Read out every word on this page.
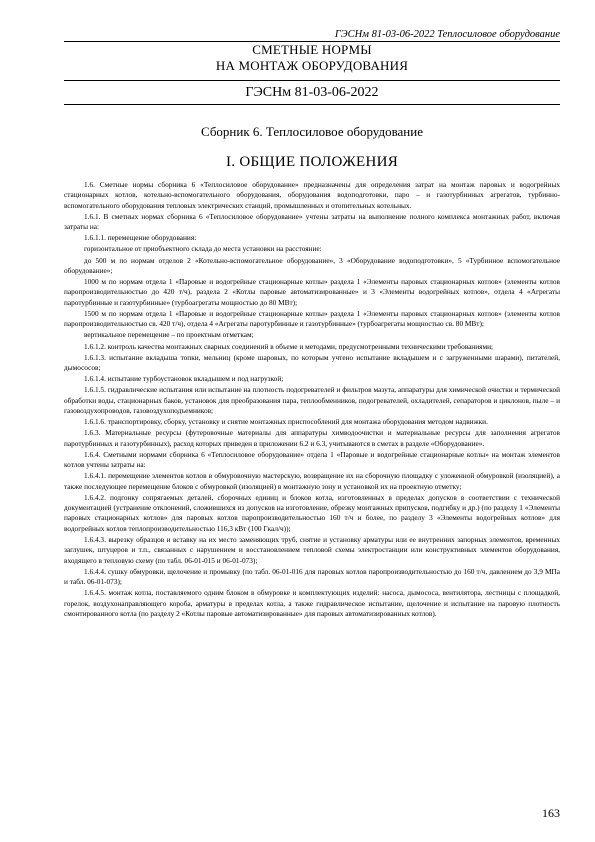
ГЭСНм 81-03-06-2022 Теплосиловое оборудование
СМЕТНЫЕ НОРМЫ
НА МОНТАЖ ОБОРУДОВАНИЯ
ГЭСНм 81-03-06-2022
Сборник 6. Теплосиловое оборудование
I. ОБЩИЕ ПОЛОЖЕНИЯ

1.6. Сметные нормы сборника 6 «Теплосиловое оборудование» предназначены для определения затрат на монтаж паровых и водогрейных стационарных котлов, котельно-вспомогательного оборудования, оборудования водоподготовки, паро – и газотурбинных агрегатов, турбинно-вспомогательного оборудования тепловых электрических станций, промышленных и отопительных котельных.

1.6.1. В сметных нормах сборника 6 «Теплосиловое оборудование» учтены затраты на выполнение полного комплекса монтажных работ, включая затраты на:

1.6.1.1. перемещение оборудования:

горизонтальное от приобъектного склада до места установки на расстояние:

до 500 м по нормам отделов 2 «Котельно-вспомогательное оборудование», 3 «Оборудование водоподготовки», 5 «Турбинное вспомогательное оборудование»;

1000 м по нормам отдела 1 «Паровые и водогрейные стационарные котлы» раздела 1 «Элементы паровых стационарных котлов» (элементы котлов паропроизводительностью до 420 т/ч), раздела 2 «Котлы паровые автоматизированные» и 3 «Элементы водогрейных котлов», отдела 4 «Агрегаты паротурбинные и газотурбинные» (турбоагрегаты мощностью до 80 МВт);

1500 м по нормам отдела 1 «Паровые и водогрейные стационарные котлы» раздела 1 «Элементы паровых стационарных котлов» (элементы котлов паропроизводительностью св. 420 т/ч), отдела 4 «Агрегаты паротурбинные и газотурбинные» (турбоагрегаты мощностью св. 80 МВт);

вертикальное перемещение – по проектным отметкам;

1.6.1.2. контроль качества монтажных сварных соединений в объеме и методами, предусмотренными техническими требованиями;

1.6.1.3. испытание вкладыша топки, мельниц (кроме шаровых, по которым учтено испытание вкладышем и с загруженными шарами), питателей, дымососов;

1.6.1.4. испытание турбоустановок вкладышем и под нагрузкой;

1.6.1.5. гидравлические испытания или испытание на плотность подогревателей и фильтров мазута, аппаратуры для химической очистки и термической обработки воды, стационарных баков, установок для преобразования пара, теплообменников, подогревателей, охладителей, сепараторов и циклонов, пыле – и газовоздухопроводов, газовоздухоподъемников;

1.6.1.6. транспортировку, сборку, установку и снятие монтажных приспособлений для монтажа оборудования методом надвижки.

1.6.3. Материальные ресурсы (футеровочные материалы для аппаратуры химводоочистки и материальные ресурсы для заполнения агрегатов паротурбинных и газотурбинных), расход которых приведен в приложении 6.2 и 6.3, учитываются в сметах в разделе «Оборудование».

1.6.4. Сметными нормами сборника 6 «Теплосиловое оборудование» отдела 1 «Паровые и водогрейные стационарные котлы» на монтаж элементов котлов учтены затраты на:

1.6.4.1. перемещение элементов котлов в обмуровочную мастерскую, возвращение их на сборочную площадку с уложенной обмуровкой (изоляцией), а также последующее перемещение блоков с обмуровкой (изоляцией) в монтажную зону и установкой их на проектную отметку;

1.6.4.2. подгонку сопрягаемых деталей, сборочных единиц и блоков котла, изготовленных в пределах допусков в соответствии с технической документацией (устранение отклонений, сложившихся из допусков на изготовление, обрезку монтажных припусков, подгибку и др.) (по разделу 1 «Элементы паровых стационарных котлов» для паровых котлов паропроизводительностью 160 т/ч и более, по разделу 3 «Элементы водогрейных котлов» для водогрейных котлов теплопроизводительностью 116,3 кВт (100 Гкал/ч));

1.6.4.3. вырезку образцов и вставку на их место заменяющих труб, снятие и установку арматуры или ее внутренних запорных элементов, временных заглушек, штуцеров и т.п., связанных с нарушением и восстановлением тепловой схемы электростанции или конструктивных элементов оборудования, входящего в тепловую схему (по табл. 06-01-015 и 06-01-073);

1.6.4.4. сушку обмуровки, щелочение и промывку (по табл. 06-01-016 для паровых котлов паропроизводительностью до 160 т/ч, давлением до 3,9 МПа и табл. 06-01-073);

1.6.4.5. монтаж котла, поставляемого одним блоком в обмуровке и комплектующих изделий: насоса, дымососа, вентилятора, лестницы с площадкой, горелок, воздухонаправляющего короба, арматуры в пределах котла, а также гидравлическое испытание, щелочение и испытание на паровую плотность смонтированного котла (по разделу 2 «Котлы паровые автоматизированные» для паровых автоматизированных котлов).

163
